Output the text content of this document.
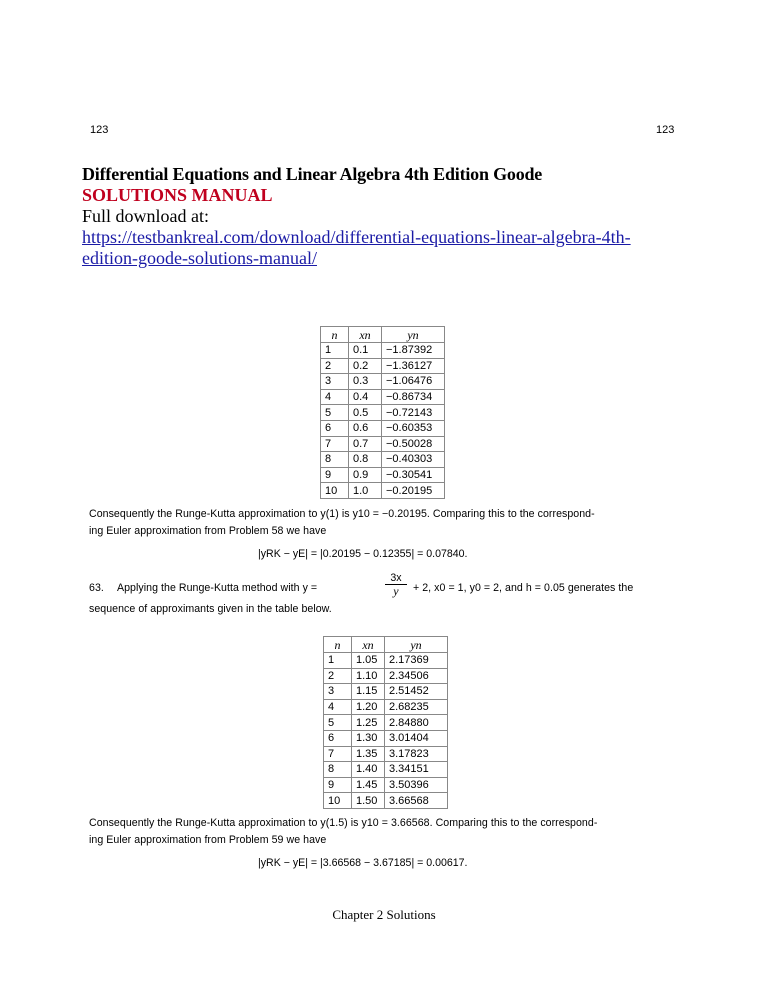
123	123
Differential Equations and Linear Algebra 4th Edition Goode
SOLUTIONS MANUAL
Full download at:
https://testbankreal.com/download/differential-equations-linear-algebra-4th-
edition-goode-solutions-manual/
n	xn	yn
1	0.1	−1.87392
2	0.2	−1.36127
3	0.3	−1.06476
4	0.4	−0.86734
5	0.5	−0.72143
6	0.6	−0.60353
7	0.7	−0.50028
8	0.8	−0.40303
9	0.9	−0.30541
10	1.0	−0.20195
Consequently the Runge-Kutta approximation to y(1) is y10 = −0.20195. Comparing this to the correspond-
ing Euler approximation from Problem 58 we have
|yRK − yE| = |0.20195 − 0.12355| = 0.07840.
63. Applying the Runge-Kutta method with y =	$\frac{3x}{y} + 2$, x0 = 1, y0 = 2, and h = 0.05 generates the
sequence of approximants given in the table below.
n	xn	yn
1	1.05	2.17369
2	1.10	2.34506
3	1.15	2.51452
4	1.20	2.68235
5	1.25	2.84880
6	1.30	3.01404
7	1.35	3.17823
8	1.40	3.34151
9	1.45	3.50396
10	1.50	3.66568
Consequently the Runge-Kutta approximation to y(1.5) is y10 = 3.66568. Comparing this to the correspond-
ing Euler approximation from Problem 59 we have
|yRK − yE| = |3.66568 − 3.67185| = 0.00617.
Chapter 2 Solutions
